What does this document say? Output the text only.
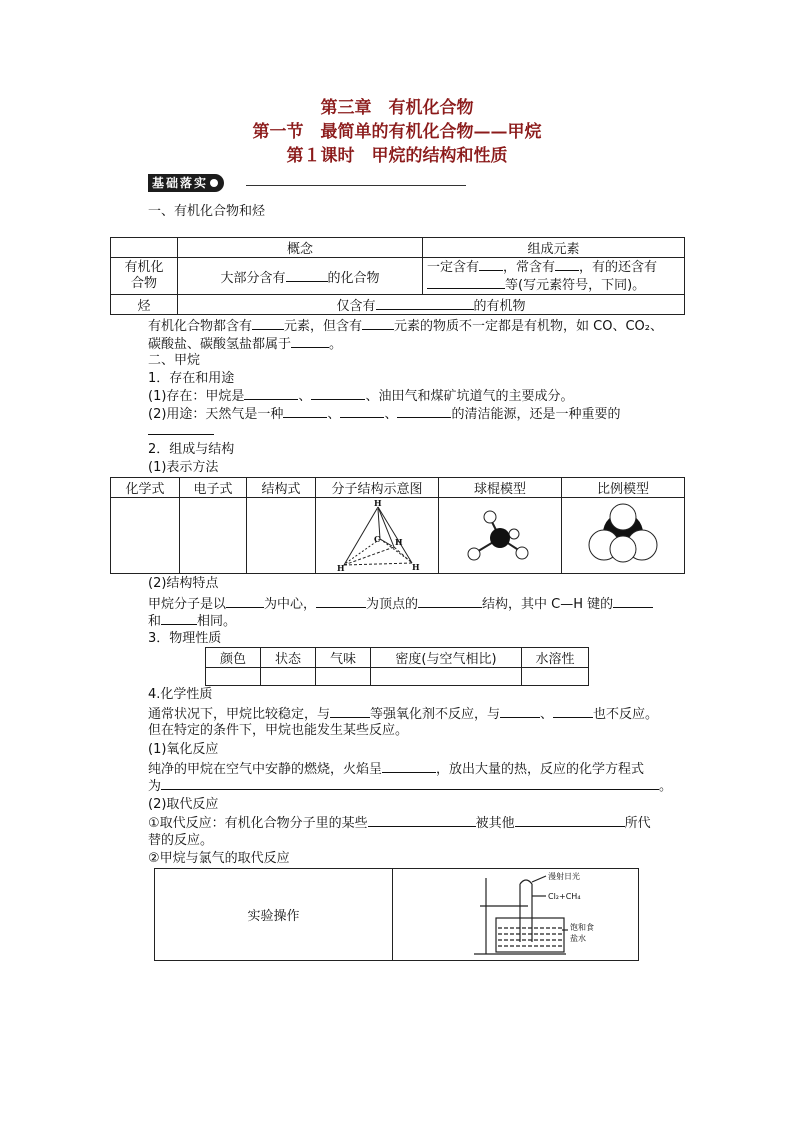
第三章　有机化合物
第一节　最简单的有机化合物——甲烷
第１课时　甲烷的结构和性质
基础落实
一、有机化合物和烃
	概念	组成元素
有机化合物	大部分含有 的化合物	一定含有 ，常含有 ，有的还含有
等(写元素符号，下同)。

烃	仅含有 的有机物	
有机化合物都含有 元素，但含有 元素的物质不一定都是有机物，如 CO、CO₂、
碳酸盐、碳酸氢盐都属于	。
二、甲烷
1．存在和用途
(1)存在：甲烷是	、	、油田气和煤矿坑道气的主要成分。
(2)用途：天然气是一种	、	、	的清洁能源，还是一种重要的
2．组成与结构
(1)表示方法
化学式	电子式	结构式	分子结构示意图	球棍模型	比例模型

H
C H
H H

(2)结构特点
甲烷分子是以	为中心，	为顶点的	结构，其中 C—H 键的
和	相同。
3．物理性质
颜色	状态	气味	密度(与空气相比)	水溶性

4.化学性质
通常状况下，甲烷比较稳定，与	等强氧化剂不反应，与	、	也不反应。
但在特定的条件下，甲烷也能发生某些反应。
(1)氧化反应
纯净的甲烷在空气中安静的燃烧，火焰呈	，放出大量的热，反应的化学方程式
为	。
(2)取代反应
①取代反应：有机化合物分子里的某些	被其他	所代
替的反应。
②甲烷与氯气的取代反应
实验操作	
漫射日光
Cl₂+CH₄
饱和食
盐水
